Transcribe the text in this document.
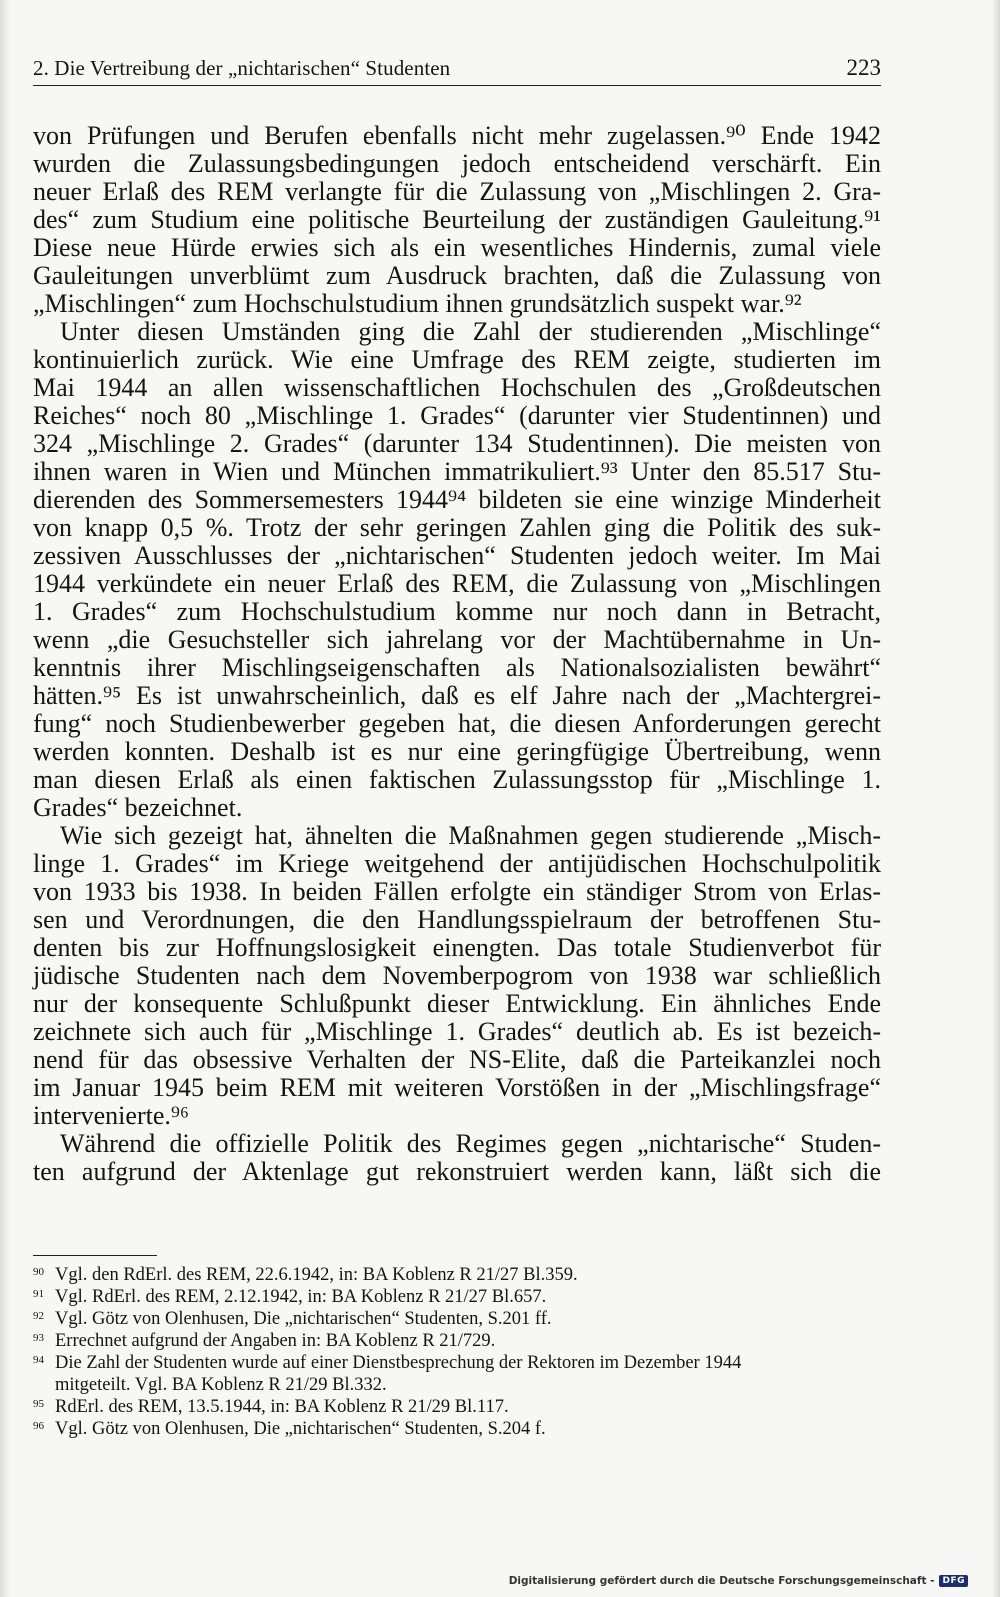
2. Die Vertreibung der „nichtarischen“ Studenten	223
von Prüfungen und Berufen ebenfalls nicht mehr zugelassen.⁹⁰ Ende 1942
wurden die Zulassungsbedingungen jedoch entscheidend verschärft. Ein
neuer Erlaß des REM verlangte für die Zulassung von „Mischlingen 2. Gra-
des“ zum Studium eine politische Beurteilung der zuständigen Gauleitung.⁹¹
Diese neue Hürde erwies sich als ein wesentliches Hindernis, zumal viele
Gauleitungen unverblümt zum Ausdruck brachten, daß die Zulassung von
„Mischlingen“ zum Hochschulstudium ihnen grundsätzlich suspekt war.⁹²
Unter diesen Umständen ging die Zahl der studierenden „Mischlinge“
kontinuierlich zurück. Wie eine Umfrage des REM zeigte, studierten im
Mai 1944 an allen wissenschaftlichen Hochschulen des „Großdeutschen
Reiches“ noch 80 „Mischlinge 1. Grades“ (darunter vier Studentinnen) und
324 „Mischlinge 2. Grades“ (darunter 134 Studentinnen). Die meisten von
ihnen waren in Wien und München immatrikuliert.⁹³ Unter den 85.517 Stu-
dierenden des Sommersemesters 1944⁹⁴ bildeten sie eine winzige Minderheit
von knapp 0,5 %. Trotz der sehr geringen Zahlen ging die Politik des suk-
zessiven Ausschlusses der „nichtarischen“ Studenten jedoch weiter. Im Mai
1944 verkündete ein neuer Erlaß des REM, die Zulassung von „Mischlingen
1. Grades“ zum Hochschulstudium komme nur noch dann in Betracht,
wenn „die Gesuchsteller sich jahrelang vor der Machtübernahme in Un-
kenntnis ihrer Mischlingseigenschaften als Nationalsozialisten bewährt“
hätten.⁹⁵ Es ist unwahrscheinlich, daß es elf Jahre nach der „Machtergrei-
fung“ noch Studienbewerber gegeben hat, die diesen Anforderungen gerecht
werden konnten. Deshalb ist es nur eine geringfügige Übertreibung, wenn
man diesen Erlaß als einen faktischen Zulassungsstop für „Mischlinge 1.
Grades“ bezeichnet.
Wie sich gezeigt hat, ähnelten die Maßnahmen gegen studierende „Misch-
linge 1. Grades“ im Kriege weitgehend der antijüdischen Hochschulpolitik
von 1933 bis 1938. In beiden Fällen erfolgte ein ständiger Strom von Erlas-
sen und Verordnungen, die den Handlungsspielraum der betroffenen Stu-
denten bis zur Hoffnungslosigkeit einengten. Das totale Studienverbot für
jüdische Studenten nach dem Novemberpogrom von 1938 war schließlich
nur der konsequente Schlußpunkt dieser Entwicklung. Ein ähnliches Ende
zeichnete sich auch für „Mischlinge 1. Grades“ deutlich ab. Es ist bezeich-
nend für das obsessive Verhalten der NS-Elite, daß die Parteikanzlei noch
im Januar 1945 beim REM mit weiteren Vorstößen in der „Mischlingsfrage“
intervenierte.⁹⁶
Während die offizielle Politik des Regimes gegen „nichtarische“ Studen-
ten aufgrund der Aktenlage gut rekonstruiert werden kann, läßt sich die
90 Vgl. den RdErl. des REM, 22.6.1942, in: BA Koblenz R 21/27 Bl.359.
91 Vgl. RdErl. des REM, 2.12.1942, in: BA Koblenz R 21/27 Bl.657.
92 Vgl. Götz von Olenhusen, Die „nichtarischen“ Studenten, S.201 ff.
93 Errechnet aufgrund der Angaben in: BA Koblenz R 21/729.
94 Die Zahl der Studenten wurde auf einer Dienstbesprechung der Rektoren im Dezember 1944
mitgeteilt. Vgl. BA Koblenz R 21/29 Bl.332.
95 RdErl. des REM, 13.5.1944, in: BA Koblenz R 21/29 Bl.117.
96 Vgl. Götz von Olenhusen, Die „nichtarischen“ Studenten, S.204 f.
Digitalisierung gefördert durch die Deutsche Forschungsgemeinschaft - DFG
